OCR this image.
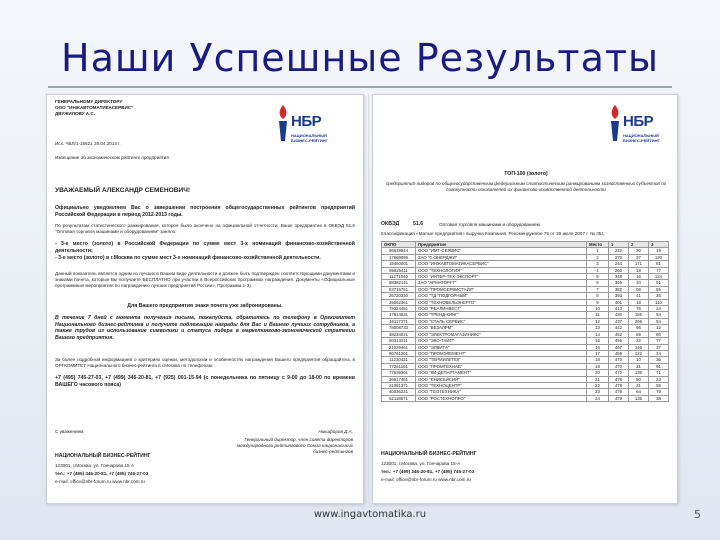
Наши Успешные Результаты
ГЕНЕРАЛЬНОМУ ДИРЕКТОРУ
ООО "ИНЖАВТОМАТИКАСЕРВИС"
ДВУЖИЛОВУ А.С.
Исх. ЧБЛ/1-16621 28.04.2014 г.
Извещение об экономическом рейтинге предприятия
НБР
НАЦИОНАЛЬНЫЙ БИЗНЕС-РЕЙТИНГ
УВАЖАЕМЫЙ АЛЕКСАНДР СЕМЕНОВИЧ!
Официально уведомляем Вас о завершении построения общегосударственных рейтингов предприятий Российской Федерации в период 2012-2013 годы.
По результатам статистического ранжирования, которое было окончено на официальной отчетности, Ваше предприятие в ОКВЭД 51.6 "Оптовая торговля машинами и оборудованием" заняло:
- 3-е место (золото) в Российской Федерации по сумме мест 3-х номинаций финансово-хозяйственной деятельности;
- 3-е место (золото) в г.Москва по сумме мест 3-х номинаций финансово-хозяйственной деятельности.
Данный показатель является одним из лучших в Вашем виде деятельности и должен быть подтвержден соответствующими документами и знаками почета, которые Вы получаете БЕСПЛАТНО при участии в Всероссийских программах награждения. Документы «Официальные программные мероприятия по награждению лучших предприятий России», Программа 1-3).
Для Вашего предприятия знаки почета уже забронированы.
В течение 7 дней с момента получения письма, пожалуйста, обратитесь по телефону в Оргкомитет Национального бизнес-рейтинга и получите подлежащие награды для Вас и Вашего лучших сотрудников, а также трудов из использование символики и статуса лидера в маркетингово-экономической стратегии Вашего предприятия.
За более подробной информацией о критериях оценки, методологии и особенностях награждения Вашего предприятия обращайтесь в ОРГКОМИТЕТ Национального бизнес-рейтинга в г.Москва по телефонам:
+7 (495) 745-27-03, +7 (499) 346-20-81, +7 (925) 001-15-94 (с понедельника по пятницу с 9-00 до 18-00 по времени ВАШЕГО часового пояса)
С уважением,	Никифоров Д.А.
Генеральный директор, член совета директоров международного рейтингового Союза национальных бизнес-рейтингов
НАЦИОНАЛЬНЫЙ БИЗНЕС-РЕЙТИНГ
123001, г.Москва, ул. Гончарова 15 А
тел.: +7 (495) 346-20-81, +7 (495) 745-27-03
e-mail: office@nbr-forum.ru www.nbr.com.ru
НБР
НАЦИОНАЛЬНЫЙ БИЗНЕС-РЕЙТИНГ
ТОП-100 (золото)
предприятий-лидеров по общегосударственным федеральным статистическим ранжированиям хозяйственных субъектов по совокупности показателей их финансово-хозяйственной деятельности
ОКВЭД	51.6	Оптовая торговля машинами и оборудованием
Классификация «Малые предприятия» выручка Компания, Рекомендуемое 79 от 26 июля 2007 г. № 351;
ОКПО	Предприятие	Место	1	2	3
56639644	ООО "ИМТ-СЕРВИС"	1	222	30	19
17669086	ЗАО "С-ЭНЕРДЖИ"	2	270	37	120
19460001	ООО "ИНЖАВТОМАТИКАСЕРВИС"	3	244	171	81
95625411	ООО "ТЕХНОЛОГИЯ"	4	260	18	77
11271040	ООО "ИНТЕР-ТЕХ-ЭКСПОРТ"	5	348	16	124
88382141	ЗАО "АРМАТОРГТ"	6	365	34	91
63715761	ООО "ПРОМСЕРВИСТАЙЛ"	7	382	58	55
26720330	ООО "ТД "ПОДГОРНЫЙ"	8	393	41	26
25062361	ООО "ТЕХНОВЕЛЬЭНЕРГО"	9	401	18	110
79324451	ООО "РЕАЛИНВЕСТ"	10	413	76	24
17614631	ООО "ТРЕНД-КИНГ"	11	430	155	54
16117371	ООО "СТАЛЬ СЕРВИС"	12	437	266	54
78008733	ООО "ВЕЗАЛРМ"	13	442	96	12
38234021	ООО "ЭЛЕКТРОМАГАЗИНИКС"	14	452	69	80
60313211	ООО "ЭКО-ТАЙП"	15	455	22	77
21029461	ООО "ЭЛВИТА"	16	467	146	37
96761261	ООО "ПРОМЭЛЕМЕНТ"	17	469	122	24
11230431	ООО "ТЕРМИЛЕТЕК"	18	470	10	36
77261161	ООО "ПРОМТЕХНАБ"	19	470	21	91
77539301	ООО "КИ-ДЕПАРТАМЕНТ"	20	472	136	71
36817461	ООО "ЕНИСЕЙСИЙ"	21	476	90	23
21081371	ООО "ТЕХНОЦЕНТР"	22	478	21	56
40036241	ООО "ГЕОТЕХНИКА"	23	479	64	79
52118671	ООО "РОСТЕХНОПРО"	24	479	135	38
НАЦИОНАЛЬНЫЙ БИЗНЕС-РЕЙТИНГ
123001, г.Москва, ул. Гончарова 15-А
тел.: +7 (499) 346-20-81, +7 (495) 745-27-03
e-mail: office@nbr-forum.ru www.nbr.com.ru
www.ingavtomatika.ru	5
